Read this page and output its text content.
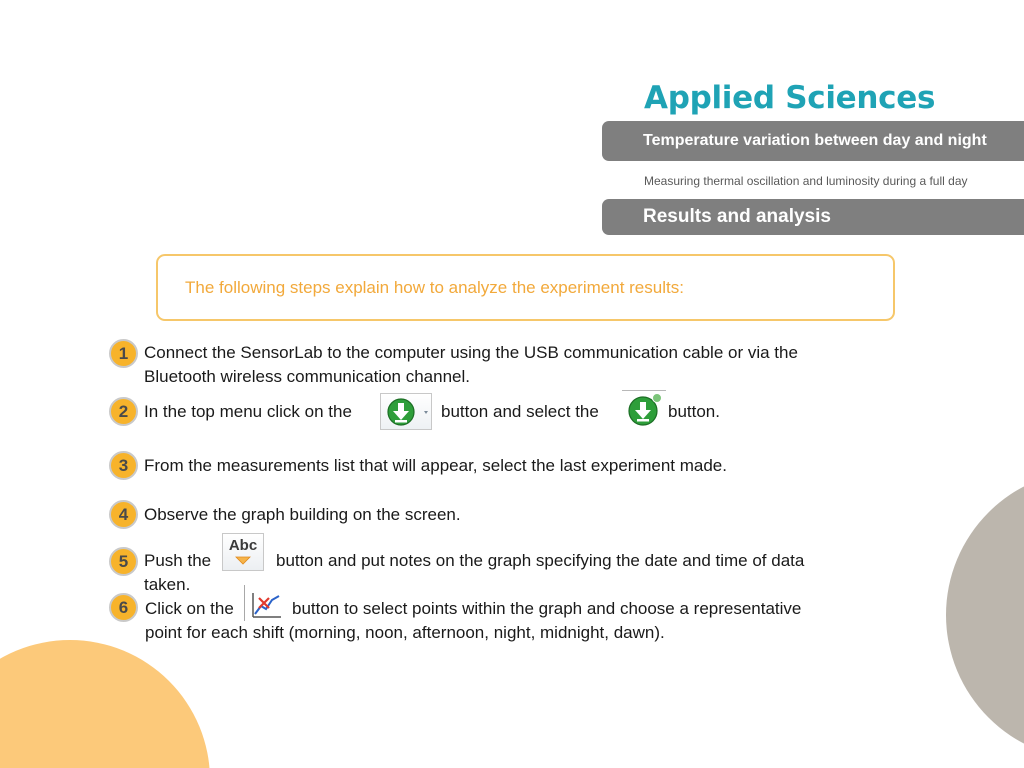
Applied Sciences
Temperature variation between day and night
Measuring thermal oscillation and luminosity during a full day
Results and analysis
The following steps explain how to analyze the experiment results:
1 Connect the SensorLab to the computer using the USB communication cable or via the
Bluetooth wireless communication channel.
2 In the top menu click on the	button and select the	button.
3 From the measurements list that will appear, select the last experiment made.
4 Observe the graph building on the screen.
5 Push the
Abc
button and put notes on the graph specifying the date and time of data
taken.
6 Click on the	button to select points within the graph and choose a representative
point for each shift (morning, noon, afternoon, night, midnight, dawn).
